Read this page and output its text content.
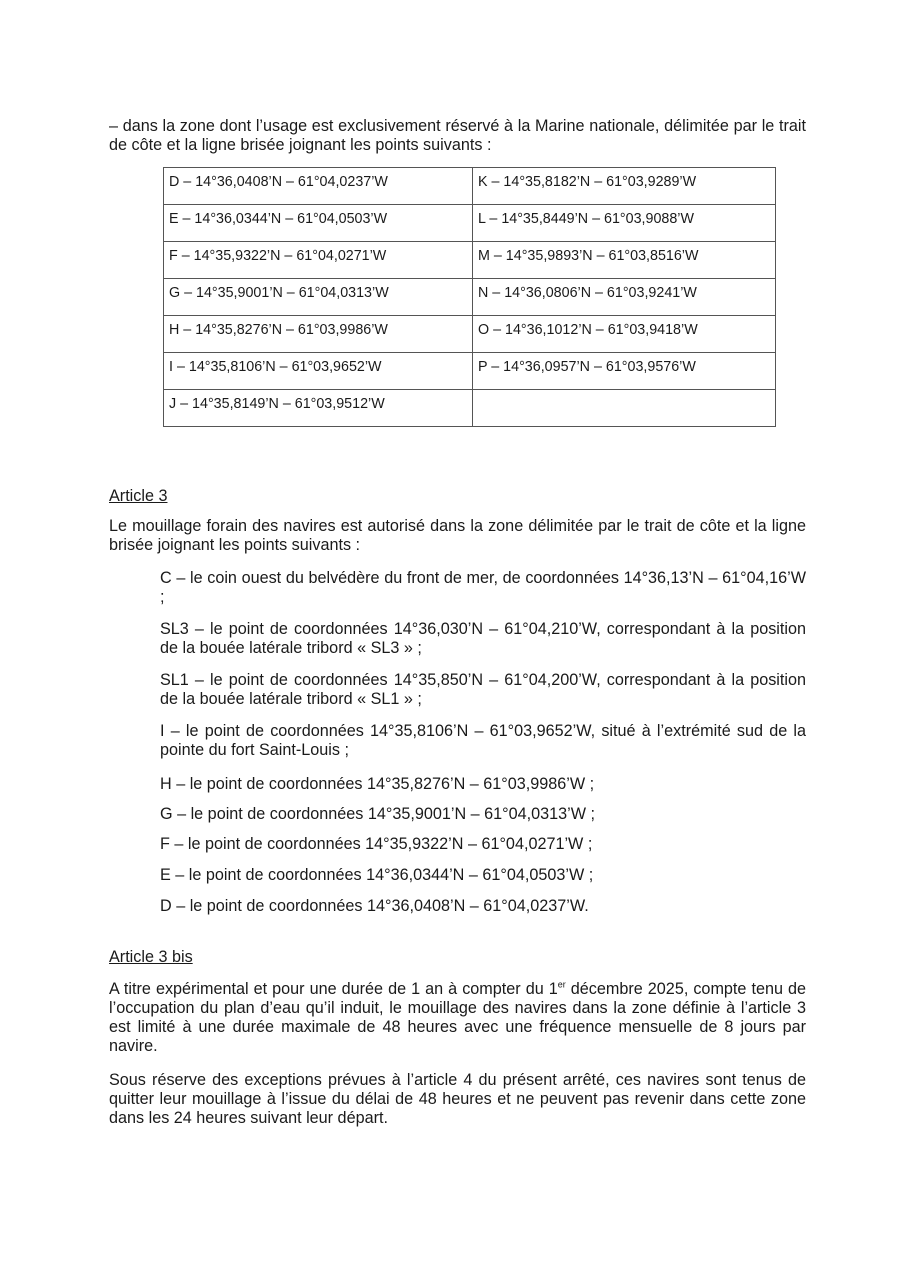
– dans la zone dont l’usage est exclusivement réservé à la Marine nationale, délimitée par le trait de côte et la ligne brisée joignant les points suivants :

D – 14°36,0408’N – 61°04,0237’W	K – 14°35,8182’N – 61°03,9289’W
E – 14°36,0344’N – 61°04,0503’W	L – 14°35,8449’N – 61°03,9088’W
F – 14°35,9322’N – 61°04,0271’W	M – 14°35,9893’N – 61°03,8516’W
G – 14°35,9001’N – 61°04,0313’W	N – 14°36,0806’N – 61°03,9241’W
H – 14°35,8276’N – 61°03,9986’W	O – 14°36,1012’N – 61°03,9418’W
I – 14°35,8106’N – 61°03,9652’W	P – 14°36,0957’N – 61°03,9576’W
J – 14°35,8149’N – 61°03,9512’W	

Article 3

Le mouillage forain des navires est autorisé dans la zone délimitée par le trait de côte et la ligne brisée joignant les points suivants :

C – le coin ouest du belvédère du front de mer, de coordonnées 14°36,13’N – 61°04,16’W ;

SL3 – le point de coordonnées 14°36,030’N – 61°04,210’W, correspondant à la position de la bouée latérale tribord « SL3 » ;

SL1 – le point de coordonnées 14°35,850’N – 61°04,200’W, correspondant à la position de la bouée latérale tribord « SL1 » ;

I – le point de coordonnées 14°35,8106’N – 61°03,9652’W, situé à l’extrémité sud de la pointe du fort Saint-Louis ;

H – le point de coordonnées 14°35,8276’N – 61°03,9986’W ;

G – le point de coordonnées 14°35,9001’N – 61°04,0313’W ;

F – le point de coordonnées 14°35,9322’N – 61°04,0271’W ;

E – le point de coordonnées 14°36,0344’N – 61°04,0503’W ;

D – le point de coordonnées 14°36,0408’N – 61°04,0237’W.

Article 3 bis

A titre expérimental et pour une durée de 1 an à compter du 1er décembre 2025, compte tenu de l’occupation du plan d’eau qu’il induit, le mouillage des navires dans la zone définie à l’article 3 est limité à une durée maximale de 48 heures avec une fréquence mensuelle de 8 jours par navire.

Sous réserve des exceptions prévues à l’article 4 du présent arrêté, ces navires sont tenus de quitter leur mouillage à l’issue du délai de 48 heures et ne peuvent pas revenir dans cette zone dans les 24 heures suivant leur départ.
